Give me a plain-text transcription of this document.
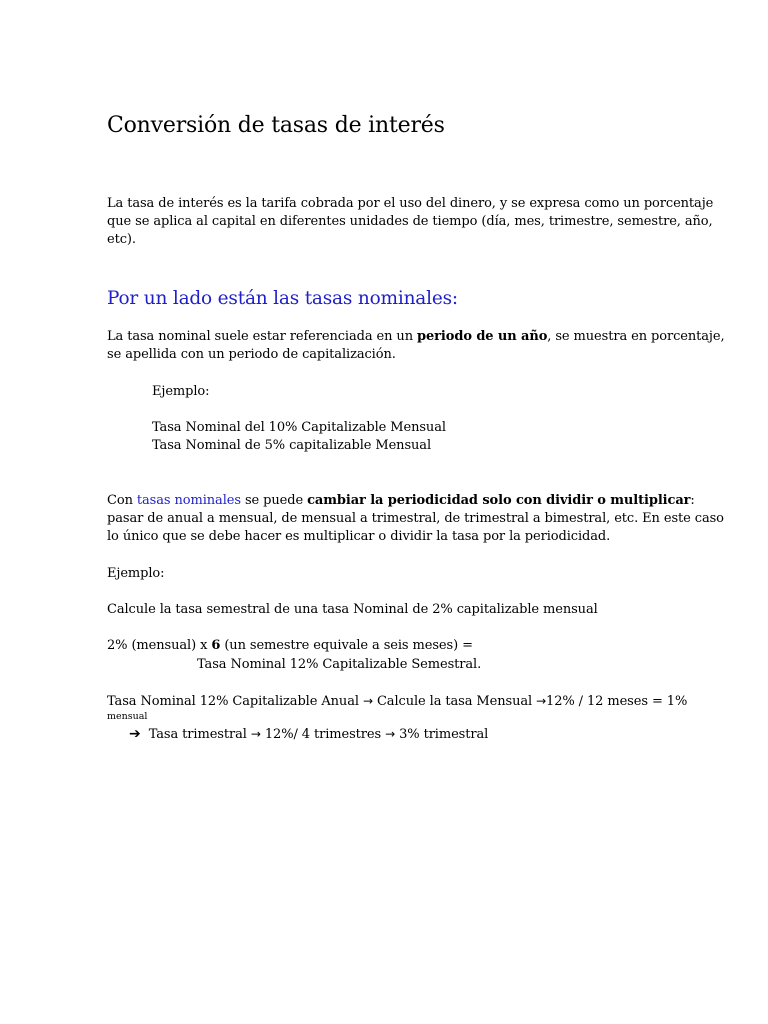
Conversión de tasas de interés
La tasa de interés es la tarifa cobrada por el uso del dinero, y se expresa como un porcentaje
que se aplica al capital en diferentes unidades de tiempo (día, mes, trimestre, semestre, año,
etc).
Por un lado están las tasas nominales:
La tasa nominal suele estar referenciada en un periodo de un año, se muestra en porcentaje,
se apellida con un periodo de capitalización.
Ejemplo:
Tasa Nominal del 10% Capitalizable Mensual
Tasa Nominal de 5% capitalizable Mensual
Con tasas nominales se puede cambiar la periodicidad solo con dividir o multiplicar:
pasar de anual a mensual, de mensual a trimestral, de trimestral a bimestral, etc. En este caso
lo único que se debe hacer es multiplicar o dividir la tasa por la periodicidad.
Ejemplo:
Calcule la tasa semestral de una tasa Nominal de 2% capitalizable mensual
2% (mensual) x 6 (un semestre equivale a seis meses) =
Tasa Nominal 12% Capitalizable Semestral.
Tasa Nominal 12% Capitalizable Anual → Calcule la tasa Mensual →12% / 12 meses = 1%
mensual
➔ Tasa trimestral → 12%/ 4 trimestres → 3% trimestral
